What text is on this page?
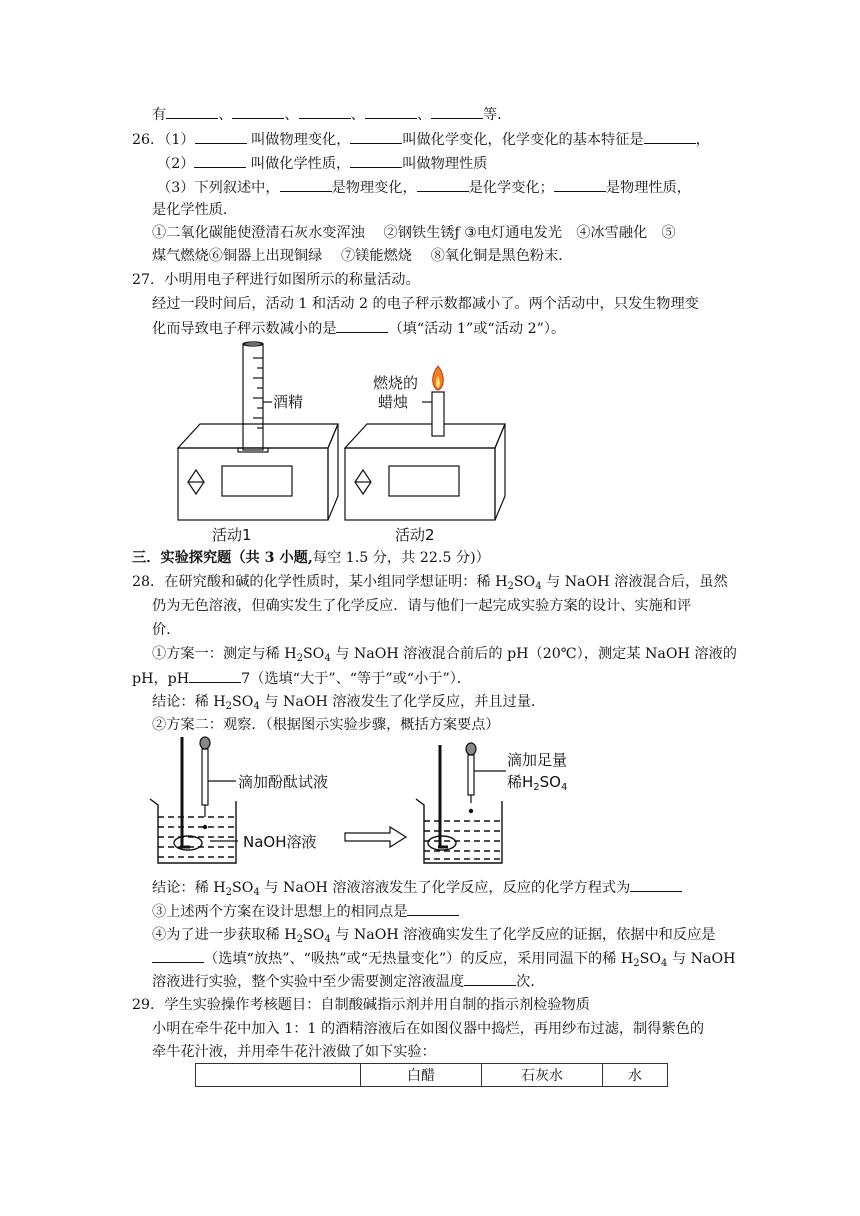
有	、	、	、	、	等．
26．（1）	叫做物理变化，	叫做化学变化，化学变化的基本特征是	，
（2）	叫做化学性质，	叫做物理性质
（3）下列叙述中，	是物理变化，	是化学变化；	是物理性质，
是化学性质．
①二氧化碳能使澄清石灰水变浑浊　 ②钢铁生锈ƒ ③电灯通电发光　④冰雪融化　⑤
煤气燃烧⑥铜器上出现铜绿　 ⑦镁能燃烧　 ⑧氧化铜是黑色粉末．
27．小明用电子秤进行如图所示的称量活动。
经过一段时间后，活动 1 和活动 2 的电子秤示数都减小了。两个活动中，只发生物理变
化而导致电子秤示数减小的是	（填“活动 1”或“活动 2”）。
酒精
燃烧的
蜡烛
活动1	活动2
三．实验探究题（共 3 小题,每空 1.5 分，共 22.5 分)）
28．在研究酸和碱的化学性质时，某小组同学想证明：稀 $H_2SO_4$ 与 NaOH 溶液混合后，虽然
仍为无色溶液，但确实发生了化学反应．请与他们一起完成实验方案的设计、实施和评
价．
①方案一：测定与稀 $H_2SO_4$ 与 NaOH 溶液混合前后的 pH（20℃），测定某 NaOH 溶液的
pH，pH	7（选填“大于”、“等于”或“小于”）．
结论：稀 $H_2SO_4$ 与 NaOH 溶液发生了化学反应，并且过量．
②方案二：观察．（根据图示实验步骤，概括方案要点）
滴加酚酞试液
NaOH溶液
滴加足量
稀$H_2SO_4$
结论：稀 $H_2SO_4$ 与 NaOH 溶液溶液发生了化学反应，反应的化学方程式为
③上述两个方案在设计思想上的相同点是
④为了进一步获取稀 $H_2SO_4$ 与 NaOH 溶液确实发生了化学反应的证据，依据中和反应是
（选填“放热”、“吸热”或“无热量变化”）的反应，采用同温下的稀 $H_2SO_4$ 与 NaOH
溶液进行实验，整个实验中至少需要测定溶液温度	次．
29．学生实验操作考核题目：自制酸碱指示剂并用自制的指示剂检验物质
小明在牵牛花中加入 1：1 的酒精溶液后在如图仪器中捣烂，再用纱布过滤，制得紫色的
牵牛花汁液，并用牵牛花汁液做了如下实验：
	白醋	石灰水	水
